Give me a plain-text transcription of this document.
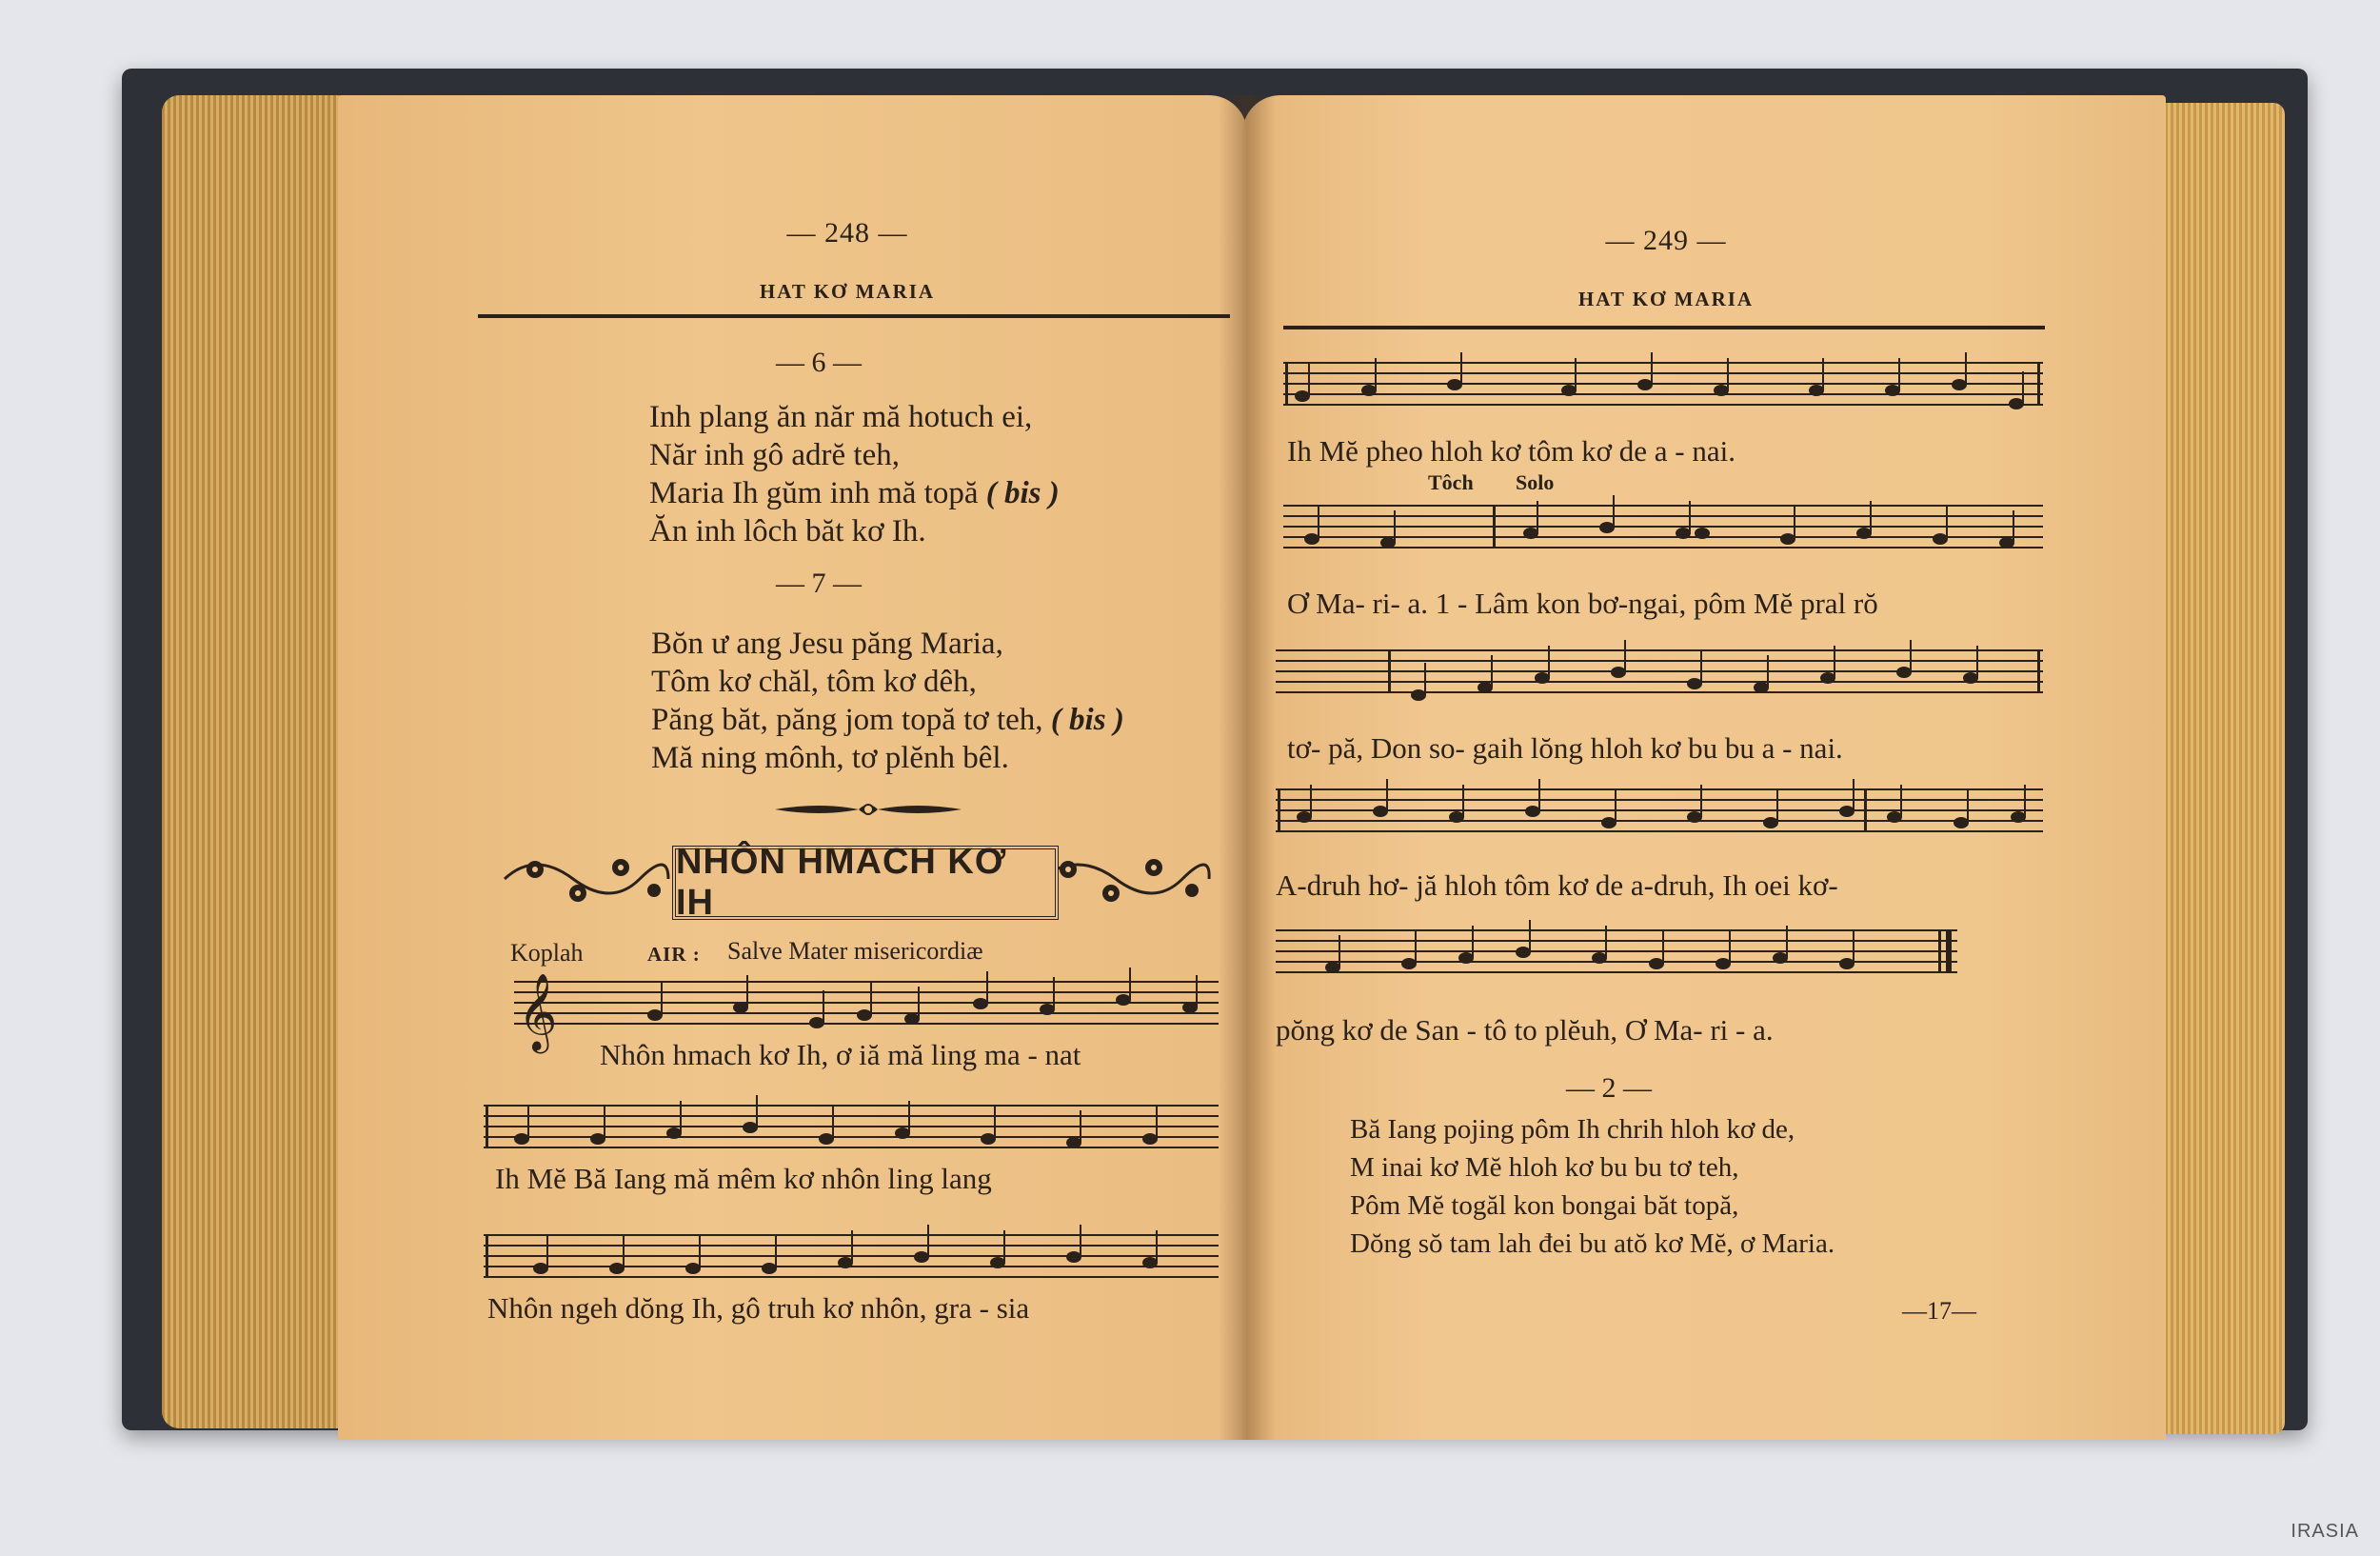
— 248 —
HAT KƠ MARIA
— 6 —
Inh plang ăn năr mă hotuch ei,
Năr inh gô adrĕ teh,
Maria Ih gŭm inh mă topă ( bis )
Ăn inh lôch băt kơ Ih.
— 7 —
Bŏn ư ang Jesu păng Maria,
Tôm kơ chăl, tôm kơ dêh,
Păng băt, păng jom topă tơ teh, ( bis )
Mă ning mônh, tơ plĕnh bêl.
NHÔN HMACH KƠ IH
Koplah	AIR : Salve Mater misericordiæ
𝄞
Nhôn hmach kơ Ih, ơ iă mă ling ma - nat
Ih Mĕ Bă Iang mă mêm kơ nhôn ling lang
Nhôn ngeh dŏng Ih, gô truh kơ nhôn, gra - sia
— 249 —
HAT KƠ MARIA
Ih Mĕ pheo hloh kơ tôm kơ de a - nai.
Tôch Solo
Ơ Ma- ri- a. 1 - Lâm kon bơ-ngai, pôm Mĕ pral rŏ
tơ- pă, Don so- gaih lŏng hloh kơ bu bu a - nai.
A-druh hơ- jă hloh tôm kơ de a-druh, Ih oei kơ-
pŏng kơ de San - tô to plĕuh, Ơ Ma- ri - a.
— 2 —
Bă Iang pojing pôm Ih chrih hloh kơ de,
M inai kơ Mĕ hloh kơ bu bu tơ teh,
Pôm Mĕ togăl kon bongai băt topă,
Dŏng sŏ tam lah đei bu atŏ kơ Mĕ, ơ Maria.
—17—
IRASIA
